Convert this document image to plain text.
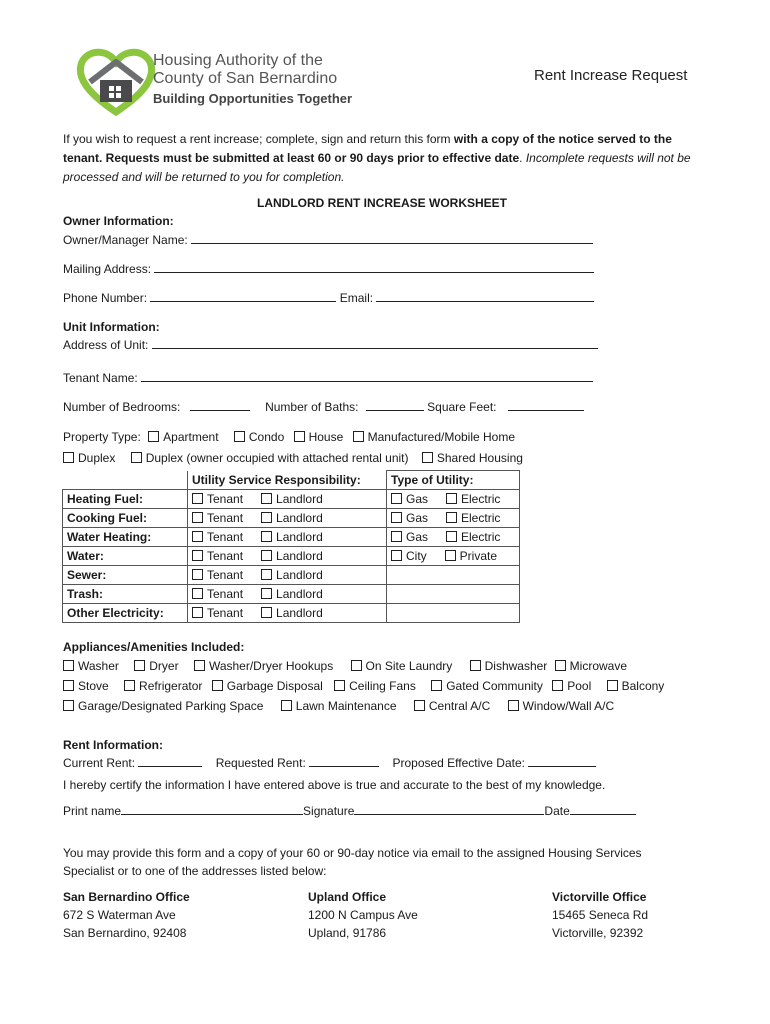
Housing Authority of the
County of San Bernardino
Building Opportunities Together
Rent Increase Request
If you wish to request a rent increase; complete, sign and return this form with a copy of the notice served to the tenant. Requests must be submitted at least 60 or 90 days prior to effective date. Incomplete requests will not be processed and will be returned to you for completion.
LANDLORD RENT INCREASE WORKSHEET
Owner Information:
Owner/Manager Name:
Mailing Address:
Phone Number:	Email:
Unit Information:
Address of Unit:
Tenant Name:
Number of Bedrooms:	Number of Baths:	Square Feet:
Property Type: Apartment	Condo House Manufactured/Mobile Home
Duplex	Duplex (owner occupied with attached rental unit) Shared Housing
	Utility Service Responsibility:	Type of Utility:
Heating Fuel:	Tenant Landlord	Gas Electric
Cooking Fuel:	Tenant Landlord	Gas Electric
Water Heating:	Tenant Landlord	Gas Electric
Water:	Tenant Landlord	City Private
Sewer:	Tenant Landlord	
Trash:	Tenant Landlord	
Other Electricity:	Tenant Landlord	
Appliances/Amenities Included:
Washer	Dryer	Washer/Dryer Hookups	On Site Laundry	Dishwasher Microwave
Stove	Refrigerator Garbage Disposal Ceiling Fans	Gated Community Pool	Balcony
Garage/Designated Parking Space	Lawn Maintenance	Central A/C	Window/Wall A/C
Rent Information:
Current Rent:	Requested Rent:	Proposed Effective Date:
I hereby certify the information I have entered above is true and accurate to the best of my knowledge.
Print name	Signature	Date
You may provide this form and a copy of your 60 or 90-day notice via email to the assigned Housing Services
Specialist or to one of the addresses listed below:
San Bernardino Office
672 S Waterman Ave
San Bernardino, 92408
Upland Office
1200 N Campus Ave
Upland, 91786
Victorville Office
15465 Seneca Rd
Victorville, 92392
